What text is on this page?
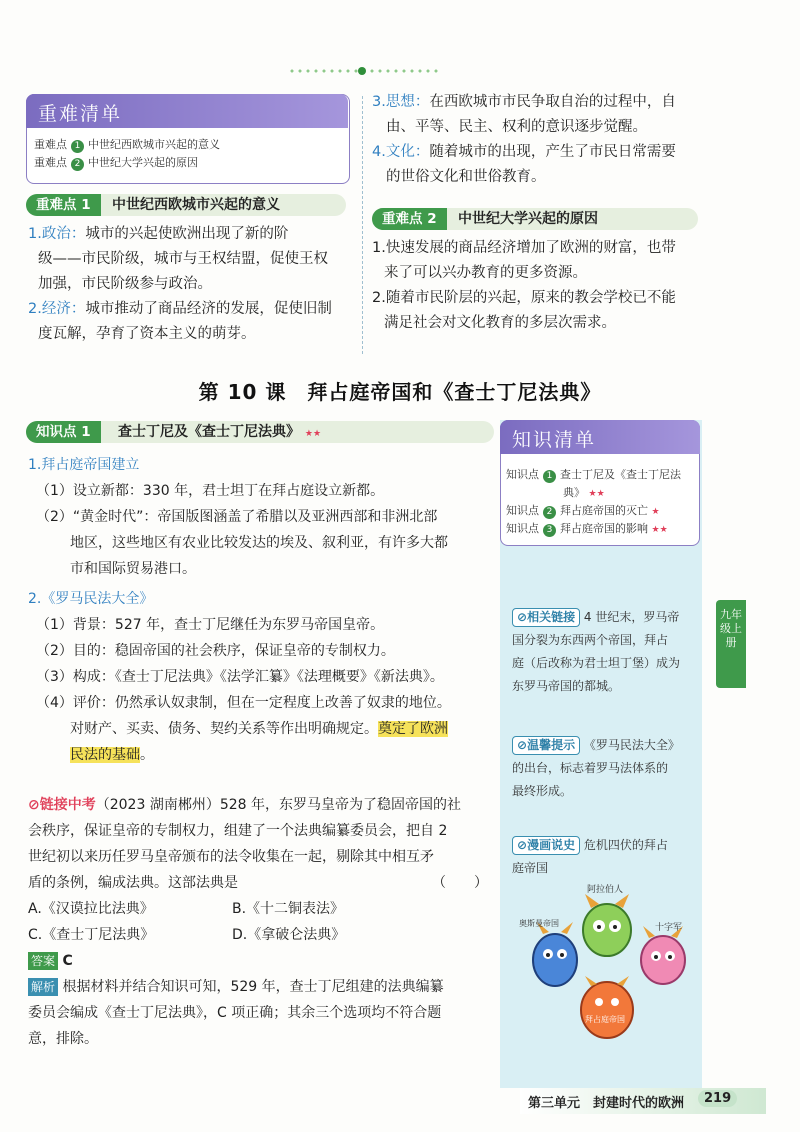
重难清单
重难点 1 中世纪西欧城市兴起的意义
重难点 2 中世纪大学兴起的原因
重难点 1	中世纪西欧城市兴起的意义
1.政治：城市的兴起使欧洲出现了新的阶
级——市民阶级，城市与王权结盟，促使王权
加强，市民阶级参与政治。
2.经济：城市推动了商品经济的发展，促使旧制
度瓦解，孕育了资本主义的萌芽。
3.思想：在西欧城市市民争取自治的过程中，自
由、平等、民主、权利的意识逐步觉醒。
4.文化：随着城市的出现，产生了市民日常需要
的世俗文化和世俗教育。
重难点 2	中世纪大学兴起的原因
1.快速发展的商品经济增加了欧洲的财富，也带
来了可以兴办教育的更多资源。
2.随着市民阶层的兴起，原来的教会学校已不能
满足社会对文化教育的多层次需求。
第 10 课　拜占庭帝国和《查士丁尼法典》
知识清单
知识点 1 查士丁尼及《查士丁尼法
典》 ★★
知识点 2 拜占庭帝国的灭亡 ★
知识点 3 拜占庭帝国的影响 ★★
九年级上册
知识点 1	查士丁尼及《查士丁尼法典》 ★★
1.拜占庭帝国建立
（1）设立新都：330 年，君士坦丁在拜占庭设立新都。
（2）“黄金时代”：帝国版图涵盖了希腊以及亚洲西部和非洲北部
地区，这些地区有农业比较发达的埃及、叙利亚，有许多大都
市和国际贸易港口。
2.《罗马民法大全》
（1）背景：527 年，查士丁尼继任为东罗马帝国皇帝。
（2）目的：稳固帝国的社会秩序，保证皇帝的专制权力。
（3）构成：《查士丁尼法典》《法学汇纂》《法理概要》《新法典》。
（4）评价：仍然承认奴隶制，但在一定程度上改善了奴隶的地位。
对财产、买卖、债务、契约关系等作出明确规定。奠定了欧洲
民法的基础。
⊘链接中考（2023 湖南郴州）528 年，东罗马皇帝为了稳固帝国的社
会秩序，保证皇帝的专制权力，组建了一个法典编纂委员会，把自 2
世纪初以来历任罗马皇帝颁布的法令收集在一起，剔除其中相互矛
盾的条例，编成法典。这部法典是	（　　）
A.《汉谟拉比法典》	B.《十二铜表法》
C.《查士丁尼法典》	D.《拿破仑法典》
答案 C
解析 根据材料并结合知识可知，529 年，查士丁尼组建的法典编纂
委员会编成《查士丁尼法典》，C 项正确；其余三个选项均不符合题
意，排除。
⊘相关链接 4 世纪末，罗马帝
国分裂为东西两个帝国，拜占
庭（后改称为君士坦丁堡）成为
东罗马帝国的都城。
⊘温馨提示 《罗马民法大全》
的出台，标志着罗马法体系的
最终形成。
⊘漫画说史 危机四伏的拜占
庭帝国
阿拉伯人
奥斯曼帝国	十字军
拜占庭帝国
第三单元　封建时代的欧洲	219
